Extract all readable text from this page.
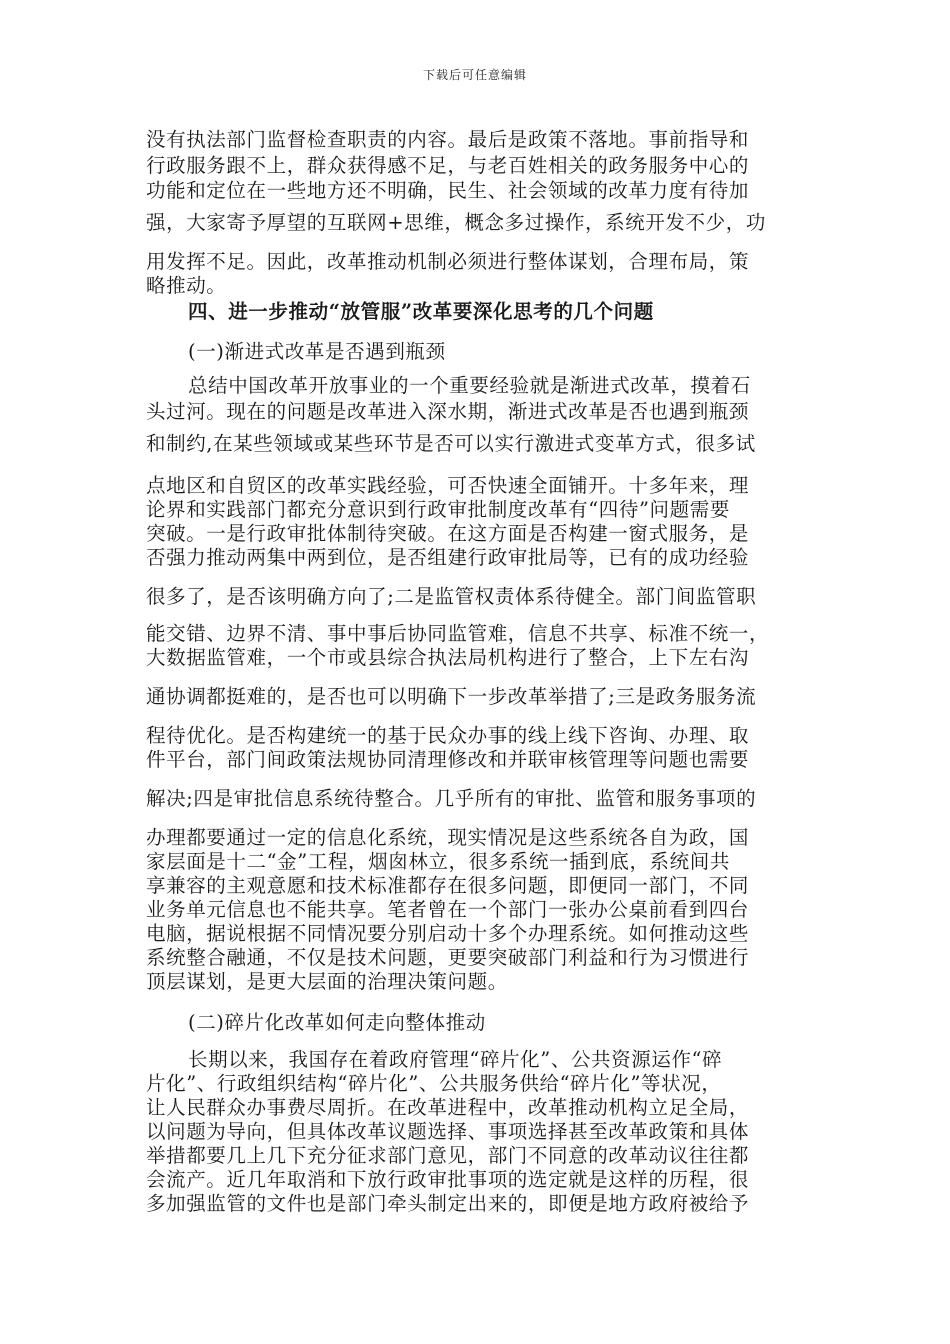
下载后可任意编辑
没有执法部门监督检查职责的内容。最后是政策不落地。事前指导和
行政服务跟不上，群众获得感不足，与老百姓相关的政务服务中心的
功能和定位在一些地方还不明确，民生、社会领域的改革力度有待加
强，大家寄予厚望的互联网+思维，概念多过操作，系统开发不少，功
用发挥不足。因此，改革推动机制必须进行整体谋划，合理布局，策
略推动。
四、进一步推动“放管服”改革要深化思考的几个问题
(一)渐进式改革是否遇到瓶颈
总结中国改革开放事业的一个重要经验就是渐进式改革，摸着石
头过河。现在的问题是改革进入深水期，渐进式改革是否也遇到瓶颈
和制约,在某些领域或某些环节是否可以实行激进式变革方式，很多试
点地区和自贸区的改革实践经验，可否快速全面铺开。十多年来，理
论界和实践部门都充分意识到行政审批制度改革有“四待”问题需要
突破。一是行政审批体制待突破。在这方面是否构建一窗式服务，是
否强力推动两集中两到位，是否组建行政审批局等，已有的成功经验
很多了，是否该明确方向了;二是监管权责体系待健全。部门间监管职
能交错、边界不清、事中事后协同监管难，信息不共享、标准不统一，
大数据监管难，一个市或县综合执法局机构进行了整合，上下左右沟
通协调都挺难的，是否也可以明确下一步改革举措了;三是政务服务流
程待优化。是否构建统一的基于民众办事的线上线下咨询、办理、取
件平台，部门间政策法规协同清理修改和并联审核管理等问题也需要
解决;四是审批信息系统待整合。几乎所有的审批、监管和服务事项的
办理都要通过一定的信息化系统，现实情况是这些系统各自为政，国
家层面是十二“金”工程，烟囱林立，很多系统一插到底，系统间共
享兼容的主观意愿和技术标准都存在很多问题，即便同一部门，不同
业务单元信息也不能共享。笔者曾在一个部门一张办公桌前看到四台
电脑，据说根据不同情况要分别启动十多个办理系统。如何推动这些
系统整合融通，不仅是技术问题，更要突破部门利益和行为习惯进行
顶层谋划，是更大层面的治理决策问题。
(二)碎片化改革如何走向整体推动
长期以来，我国存在着政府管理“碎片化”、公共资源运作“碎
片化”、行政组织结构“碎片化”、公共服务供给“碎片化”等状况，
让人民群众办事费尽周折。在改革进程中，改革推动机构立足全局，
以问题为导向，但具体改革议题选择、事项选择甚至改革政策和具体
举措都要几上几下充分征求部门意见，部门不同意的改革动议往往都
会流产。近几年取消和下放行政审批事项的选定就是这样的历程，很
多加强监管的文件也是部门牵头制定出来的，即便是地方政府被给予
